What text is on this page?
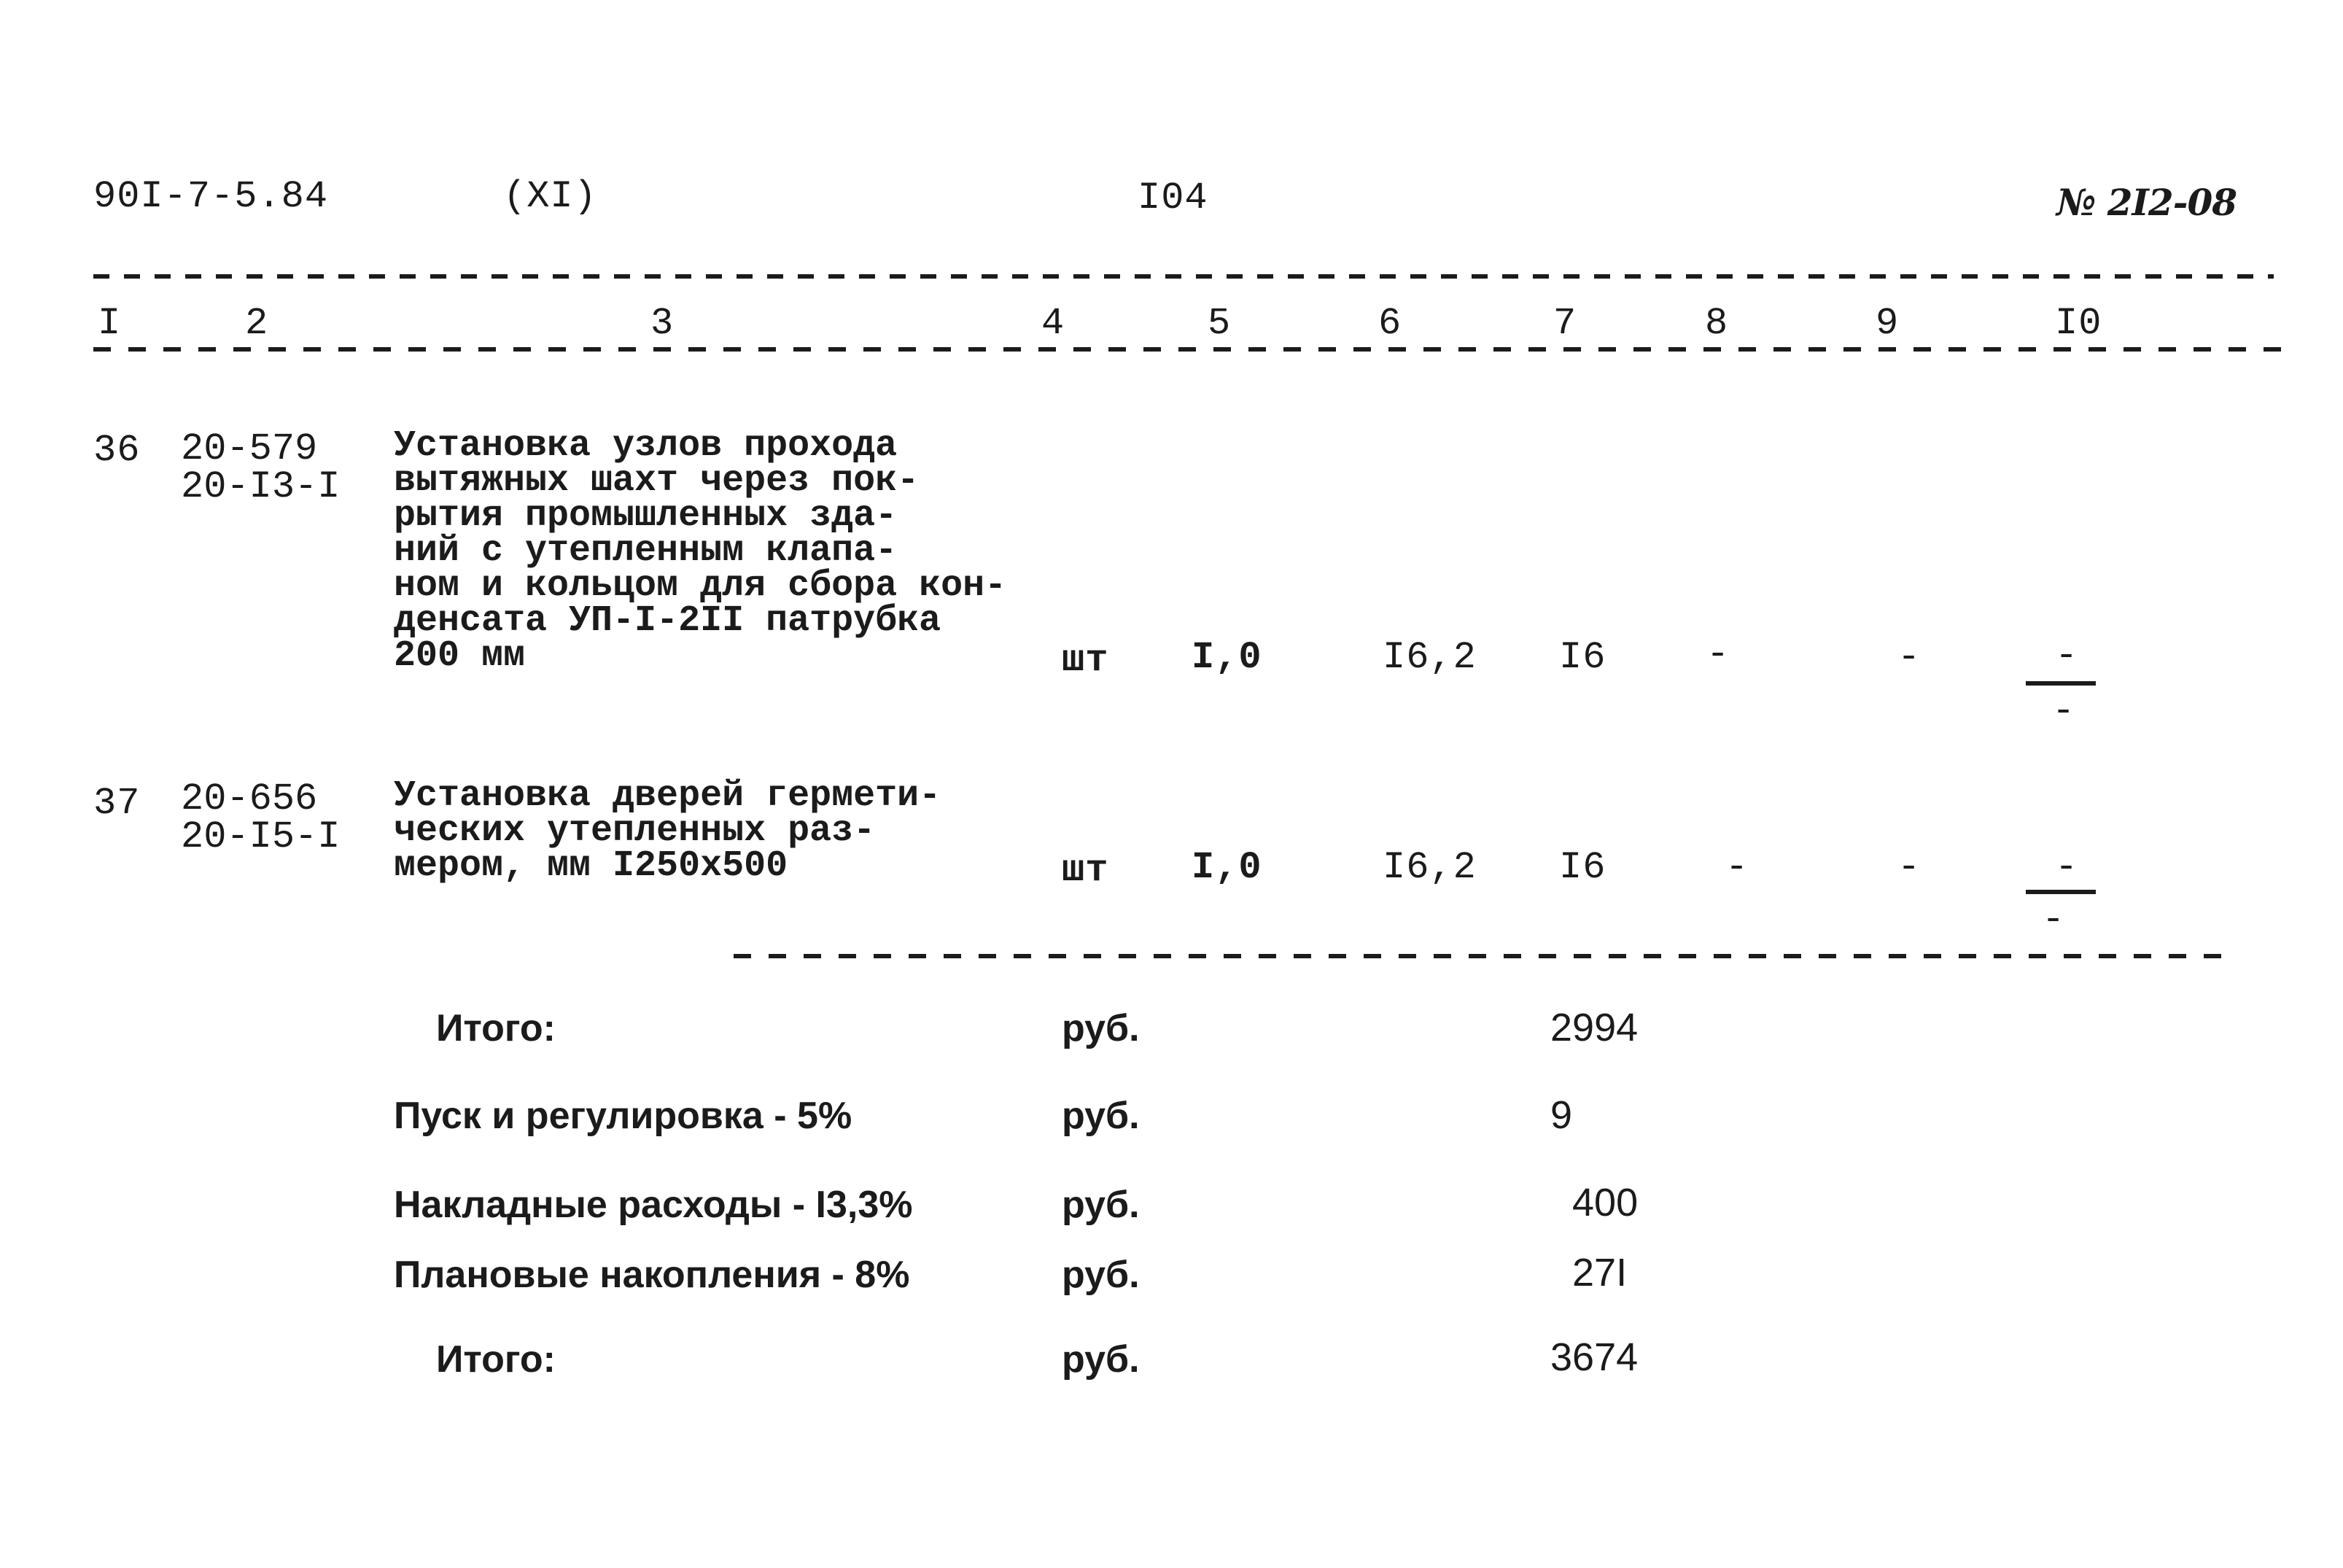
90I-7-5.84	(XI)	I04	№ 2I2-08
I	2	3	4	5	6	7	8	9	I0
36 20-579
20-I3-I
Установка узлов прохода
вытяжных шахт через пок-
рытия промышленных зда-
ний с утепленным клапа-
ном и кольцом для сбора кон-
денсата УП-I-2II патрубка
200 мм	шт I,0	I6,2 I6	-	-	-
-
37 20-656
20-I5-I
Установка дверей гермети-
ческих утепленных раз-
мером, мм I250х500	шт I,0	I6,2 I6	-	-	-
-
Итого:	руб.	2994
Пуск и регулировка - 5%	руб.	9
Накладные расходы - I3,3%	руб.	400
Плановые накопления - 8%	руб.	27I
Итого:	руб.	3674
